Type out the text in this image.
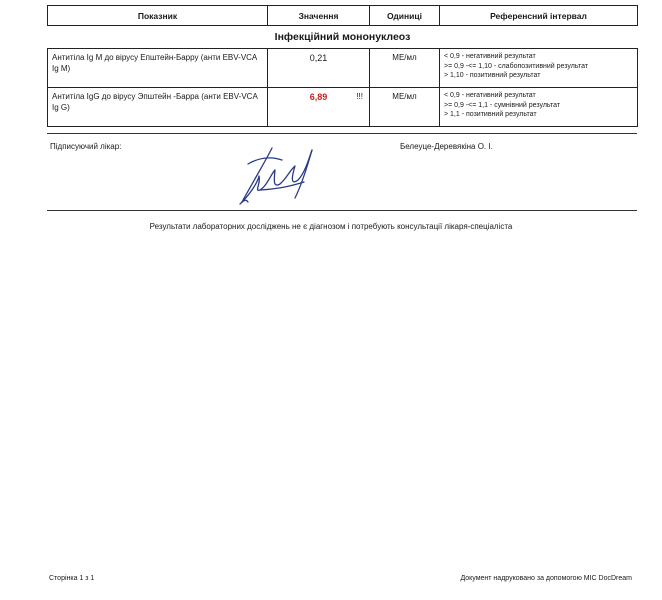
Показник	Значення	Одиниці	Референсний інтервал
Інфекційний мононуклеоз			
Антитіла Ig M до вірусу Епштейн-Барру (анти EBV-VCA Ig M)	0,21	МЕ/мл	< 0,9 - негативний результат
>= 0,9 -<= 1,10 - слабопозитивний результат
> 1,10 - позитивний результат

Антитіла IgG до вірусу Эпштейн -Барра (анти EBV-VCA Ig G)	6,89 !!!	МЕ/мл	< 0,9 - негативний результат
>= 0,9 -<= 1,1 - сумнівний результат
> 1,1 - позитивний результат
Підписуючий лікар:	Белеуце-Деревякіна О. І.
Результати лабораторних досліджень не є діагнозом і потребують консультації лікаря-спеціаліста
Сторінка 1 з 1	Документ надруковано за допомогою МІС DocDream
